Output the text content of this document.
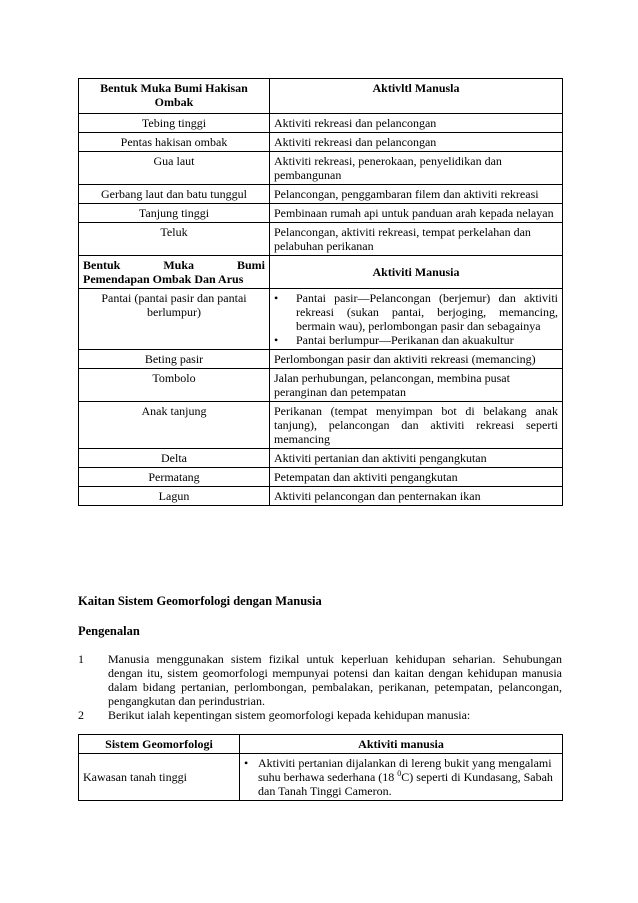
Bentuk Muka Bumi Hakisan Ombak	Aktivltl Manusla
Tebing tinggi	Aktiviti rekreasi dan pelancongan
Pentas hakisan ombak	Aktiviti rekreasi dan pelancongan
Gua laut	Aktiviti rekreasi, penerokaan, penyelidikan dan pembangunan
Gerbang laut dan batu tunggul	Pelancongan, penggambaran filem dan aktiviti rekreasi
Tanjung tinggi	Pembinaan rumah api untuk panduan arah kepada nelayan
Teluk	Pelancongan, aktiviti rekreasi, tempat perkelahan dan pelabuhan perikanan

Bentuk Muka Bumi
Pemendapan Ombak Dan Arus	Aktiviti Manusia
Pantai (pantai pasir dan pantai berlumpur)	• Pantai pasir—Pelancongan (berjemur) dan aktiviti rekreasi (sukan pantai, berjoging, memancing, bermain wau), perlombongan pasir dan sebagainya
• Pantai berlumpur—Perikanan dan akuakultur

Beting pasir	Perlombongan pasir dan aktiviti rekreasi (memancing)
Tombolo	Jalan perhubungan, pelancongan, membina pusat peranginan dan petempatan
Anak tanjung	Perikanan (tempat menyimpan bot di belakang anak tanjung), pelancongan dan aktiviti rekreasi seperti memancing
Delta	Aktiviti pertanian dan aktiviti pengangkutan
Permatang	Petempatan dan aktiviti pengangkutan
Lagun	Aktiviti pelancongan dan penternakan ikan
Kaitan Sistem Geomorfologi dengan Manusia
Pengenalan
1	Manusia menggunakan sistem fizikal untuk keperluan kehidupan seharian. Sehubungan dengan itu, sistem geomorfologi mempunyai potensi dan kaitan dengan kehidupan manusia dalam bidang pertanian, perlombongan, pembalakan, perikanan, petempatan, pelancongan, pengangkutan dan perindustrian.
2	Berikut ialah kepentingan sistem geomorfologi kepada kehidupan manusia:
Sistem Geomorfologi	Aktiviti manusia
Kawasan tanah tinggi	• Aktiviti pertanian dijalankan di lereng bukit yang mengalami suhu berhawa sederhana (18 $^0$C) seperti di Kundasang, Sabah dan Tanah Tinggi Cameron.
